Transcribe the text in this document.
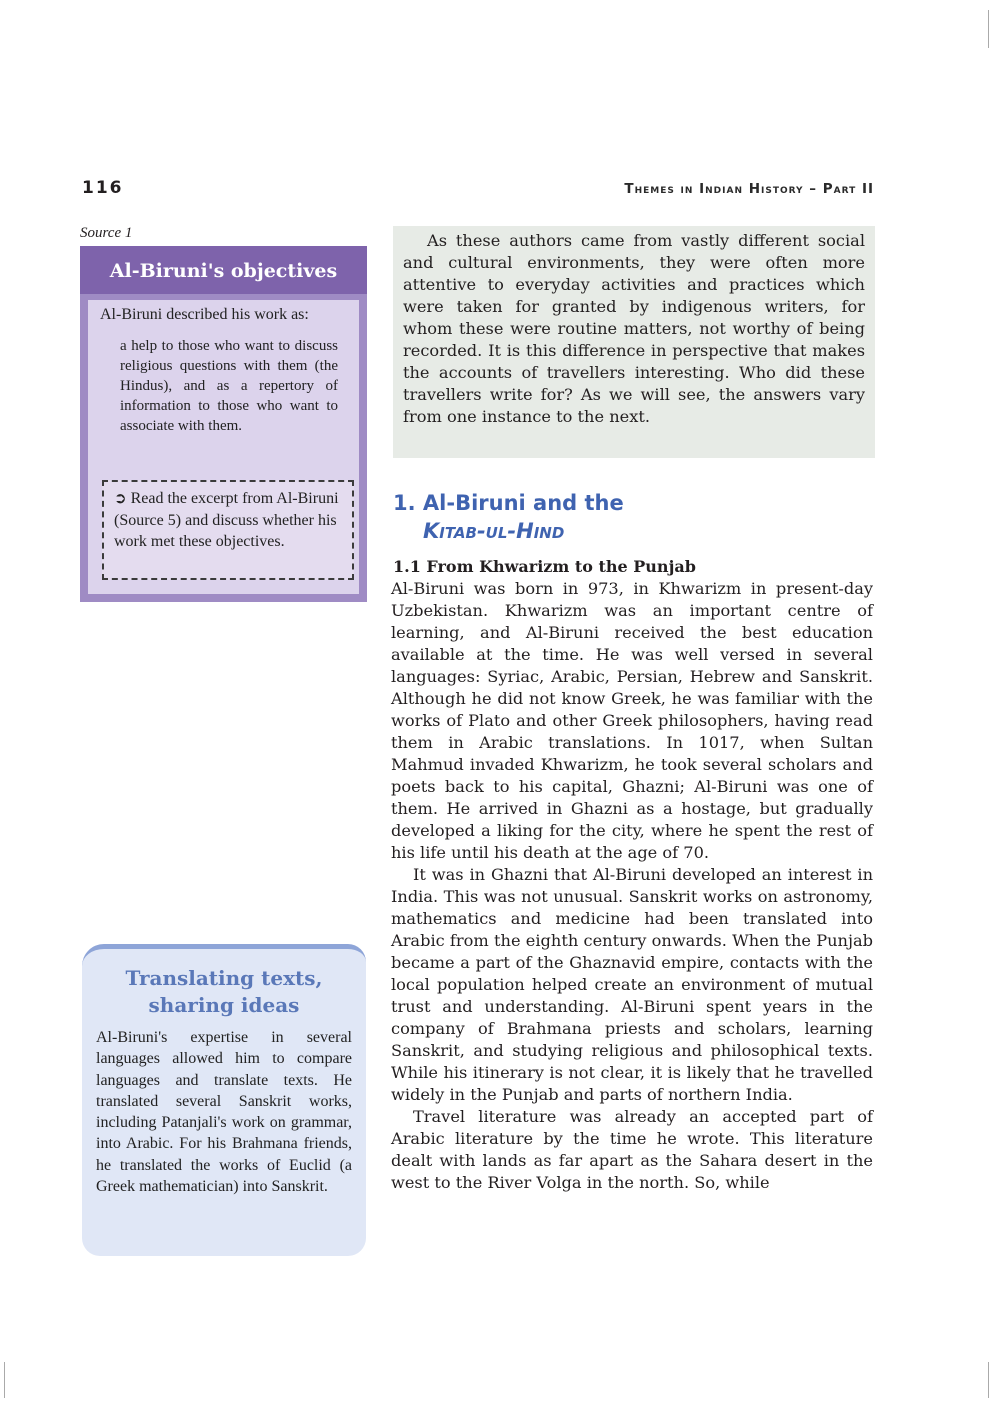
116	Themes in Indian History – Part II
Source 1
Al-Biruni's objectives
Al-Biruni described his work as:
a help to those who want to discuss religious questions with them (the Hindus), and as a repertory of information to those who want to associate with them.
➲ Read the excerpt from Al-Biruni (Source 5) and discuss whether his work met these objectives.
Translating texts, sharing ideas
Al-Biruni's expertise in several languages allowed him to compare languages and translate texts. He translated several Sanskrit works, including Patanjali's work on grammar, into Arabic. For his Brahmana friends, he translated the works of Euclid (a Greek mathematician) into Sanskrit.
As these authors came from vastly different social and cultural environments, they were often more attentive to everyday activities and practices which were taken for granted by indigenous writers, for whom these were routine matters, not worthy of being recorded. It is this difference in perspective that makes the accounts of travellers interesting. Who did these travellers write for? As we will see, the answers vary from one instance to the next.
1. Al-Biruni and the
Kitab-ul-Hind
1.1 From Khwarizm to the Punjab

Al-Biruni was born in 973, in Khwarizm in present-day Uzbekistan. Khwarizm was an important centre of learning, and Al-Biruni received the best education available at the time. He was well versed in several languages: Syriac, Arabic, Persian, Hebrew and Sanskrit. Although he did not know Greek, he was familiar with the works of Plato and other Greek philosophers, having read them in Arabic translations. In 1017, when Sultan Mahmud invaded Khwarizm, he took several scholars and poets back to his capital, Ghazni; Al-Biruni was one of them. He arrived in Ghazni as a hostage, but gradually developed a liking for the city, where he spent the rest of his life until his death at the age of 70.

It was in Ghazni that Al-Biruni developed an interest in India. This was not unusual. Sanskrit works on astronomy, mathematics and medicine had been translated into Arabic from the eighth century onwards. When the Punjab became a part of the Ghaznavid empire, contacts with the local population helped create an environment of mutual trust and understanding. Al-Biruni spent years in the company of Brahmana priests and scholars, learning Sanskrit, and studying religious and philosophical texts. While his itinerary is not clear, it is likely that he travelled widely in the Punjab and parts of northern India.

Travel literature was already an accepted part of Arabic literature by the time he wrote. This literature dealt with lands as far apart as the Sahara desert in the west to the River Volga in the north. So, while
